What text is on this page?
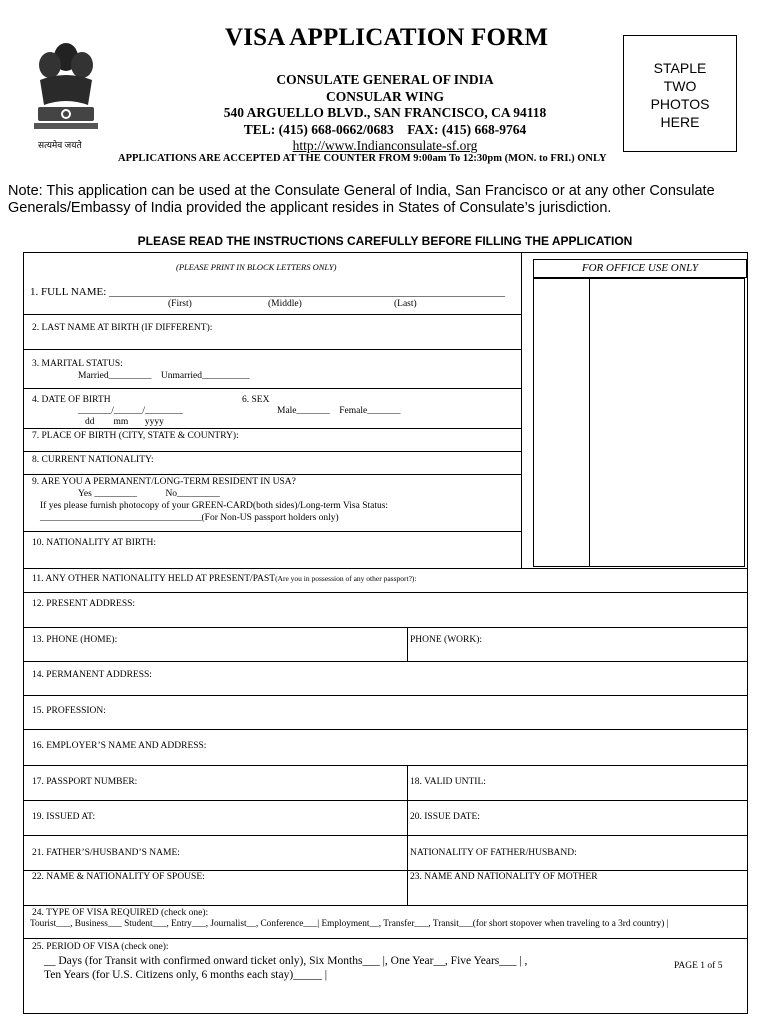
सत्यमेव जयते
VISA APPLICATION FORM
CONSULATE GENERAL OF INDIA
CONSULAR WING
540 ARGUELLO BLVD., SAN FRANCISCO, CA 94118
TEL: (415) 668-0662/0683    FAX: (415) 668-9764
http://www.Indianconsulate-sf.org
STAPLE
TWO
PHOTOS
HERE
APPLICATIONS ARE ACCEPTED AT THE COUNTER FROM 9:00am To 12:30pm (MON. to FRI.) ONLY
Note: This application can be used at the Consulate General of India, San Francisco or at any other Consulate Generals/Embassy of India provided the applicant resides in States of Consulate’s jurisdiction.
PLEASE READ THE INSTRUCTIONS CAREFULLY BEFORE FILLING THE APPLICATION
FOR OFFICE USE ONLY
(PLEASE PRINT IN BLOCK LETTERS ONLY)
1. FULL NAME: ________________________________________________________________________
(First)	(Middle)	(Last)
2. LAST NAME AT BIRTH (IF DIFFERENT):
3. MARITAL STATUS:
Married_________    Unmarried__________
4. DATE OF BIRTH
_______/______/________
dd        mm       yyyy
6. SEX
Male_______    Female_______
7. PLACE OF BIRTH (CITY, STATE & COUNTRY):
8. CURRENT NATIONALITY:
9. ARE YOU A PERMANENT/LONG-TERM RESIDENT IN USA?
Yes _________            No_________
If yes please furnish photocopy of your GREEN-CARD(both sides)/Long-term Visa Status:
__________________________________(For Non-US passport holders only)
10. NATIONALITY AT BIRTH:
11. ANY OTHER NATIONALITY HELD AT PRESENT/PAST(Are you in possession of any other passport?):
12. PRESENT ADDRESS:
13. PHONE (HOME):	PHONE (WORK):
14. PERMANENT ADDRESS:
15. PROFESSION:
16. EMPLOYER’S NAME AND ADDRESS:
17. PASSPORT NUMBER:	18. VALID UNTIL:
19. ISSUED AT:	20. ISSUE DATE:
21. FATHER’S/HUSBAND’S NAME:	NATIONALITY OF FATHER/HUSBAND:
22. NAME & NATIONALITY OF SPOUSE:	23. NAME AND NATIONALITY OF MOTHER
24. TYPE OF VISA REQUIRED (check one):
Tourist___, Business___ Student___, Entry___, Journalist__, Conference___| Employment__, Transfer___, Transit___(for short stopover when traveling to a 3rd country) |
25. PERIOD OF VISA (check one):
__ Days (for Transit with confirmed onward ticket only), Six Months___ |, One Year__, Five Years___ | ,
Ten Years (for U.S. Citizens only, 6 months each stay)_____ |
PAGE 1 of 5
